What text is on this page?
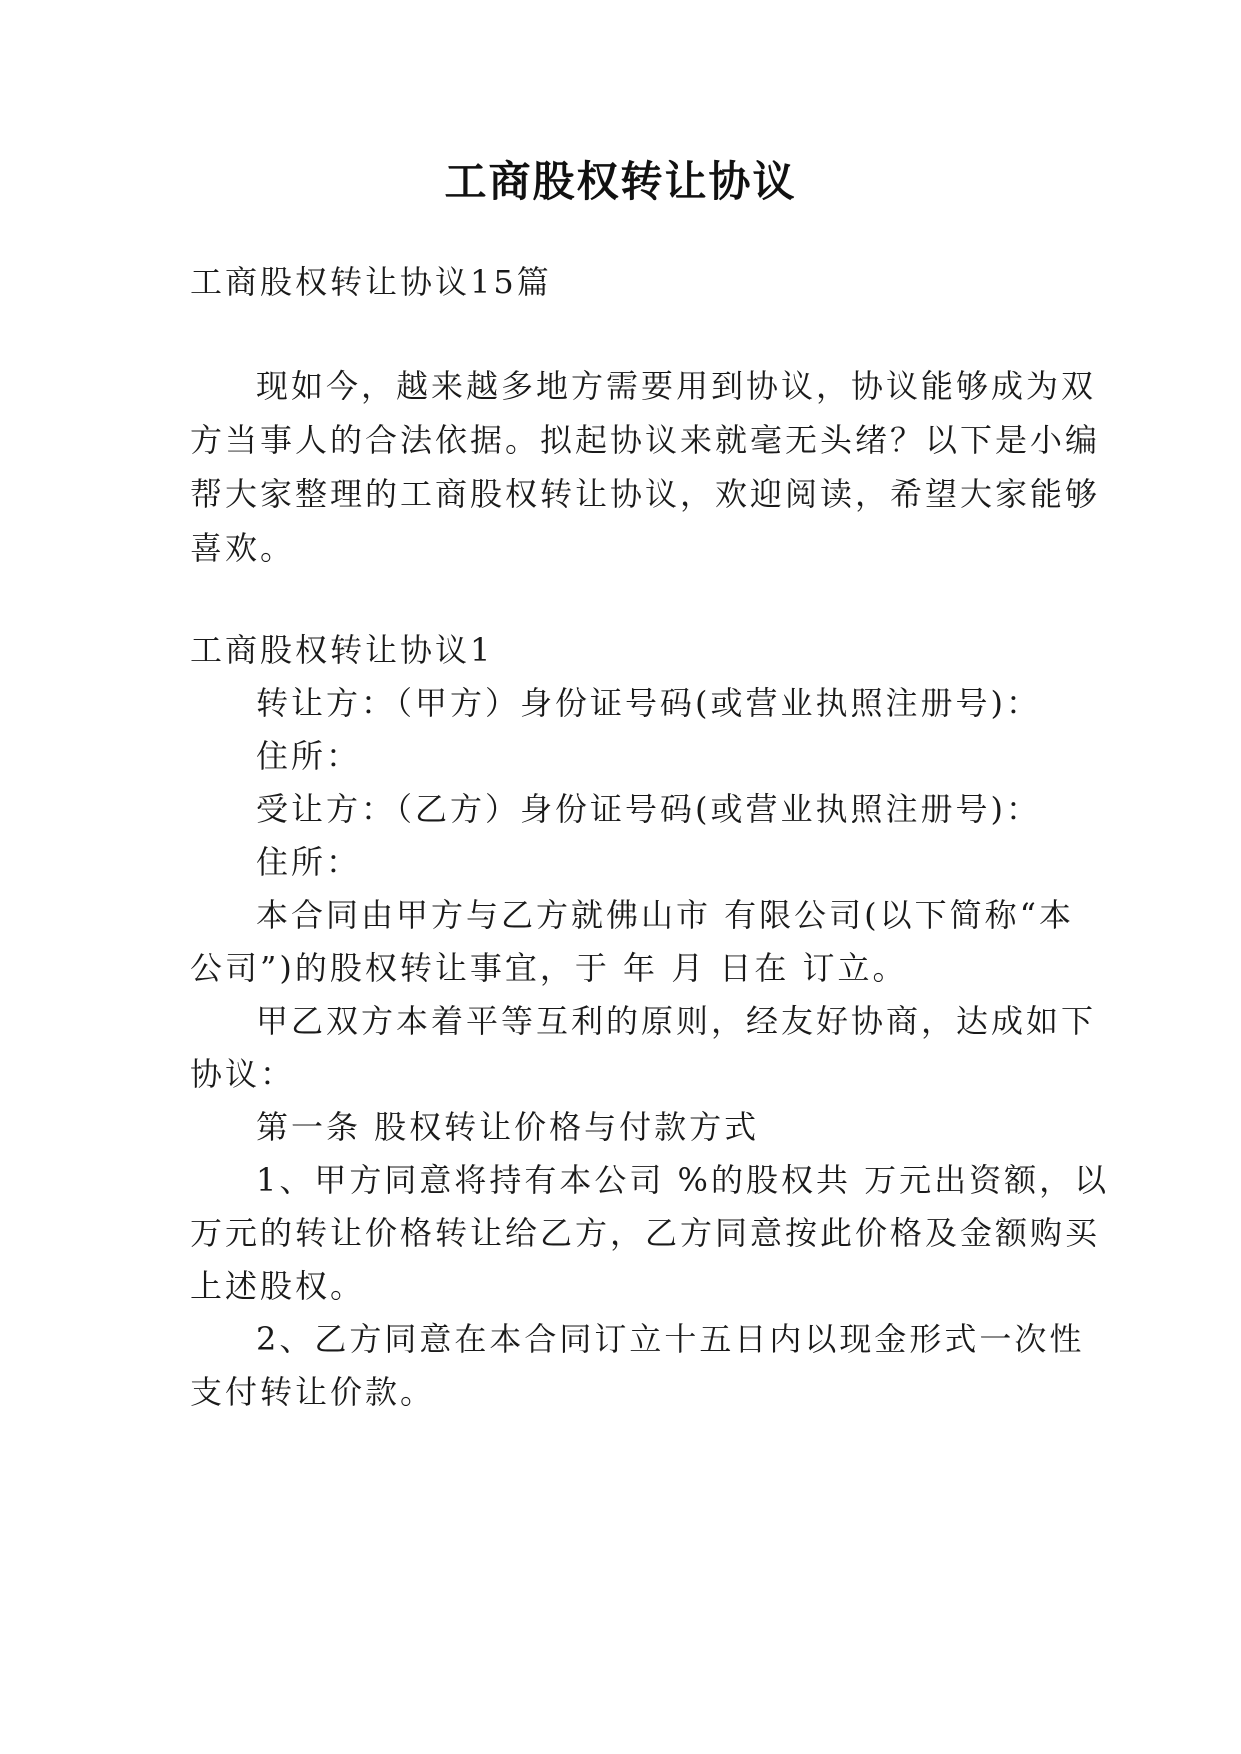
工商股权转让协议
工商股权转让协议15篇
现如今，越来越多地方需要用到协议，协议能够成为双
方当事人的合法依据。拟起协议来就毫无头绪？以下是小编
帮大家整理的工商股权转让协议，欢迎阅读，希望大家能够
喜欢。
工商股权转让协议1
转让方：（甲方）身份证号码(或营业执照注册号)：
住所：
受让方：（乙方）身份证号码(或营业执照注册号)：
住所：
本合同由甲方与乙方就佛山市 有限公司(以下简称“本
公司”)的股权转让事宜，于 年 月 日在 订立。
甲乙双方本着平等互利的原则，经友好协商，达成如下
协议：
第一条 股权转让价格与付款方式
1、甲方同意将持有本公司 %的股权共 万元出资额，以
万元的转让价格转让给乙方，乙方同意按此价格及金额购买
上述股权。
2、乙方同意在本合同订立十五日内以现金形式一次性
支付转让价款。
